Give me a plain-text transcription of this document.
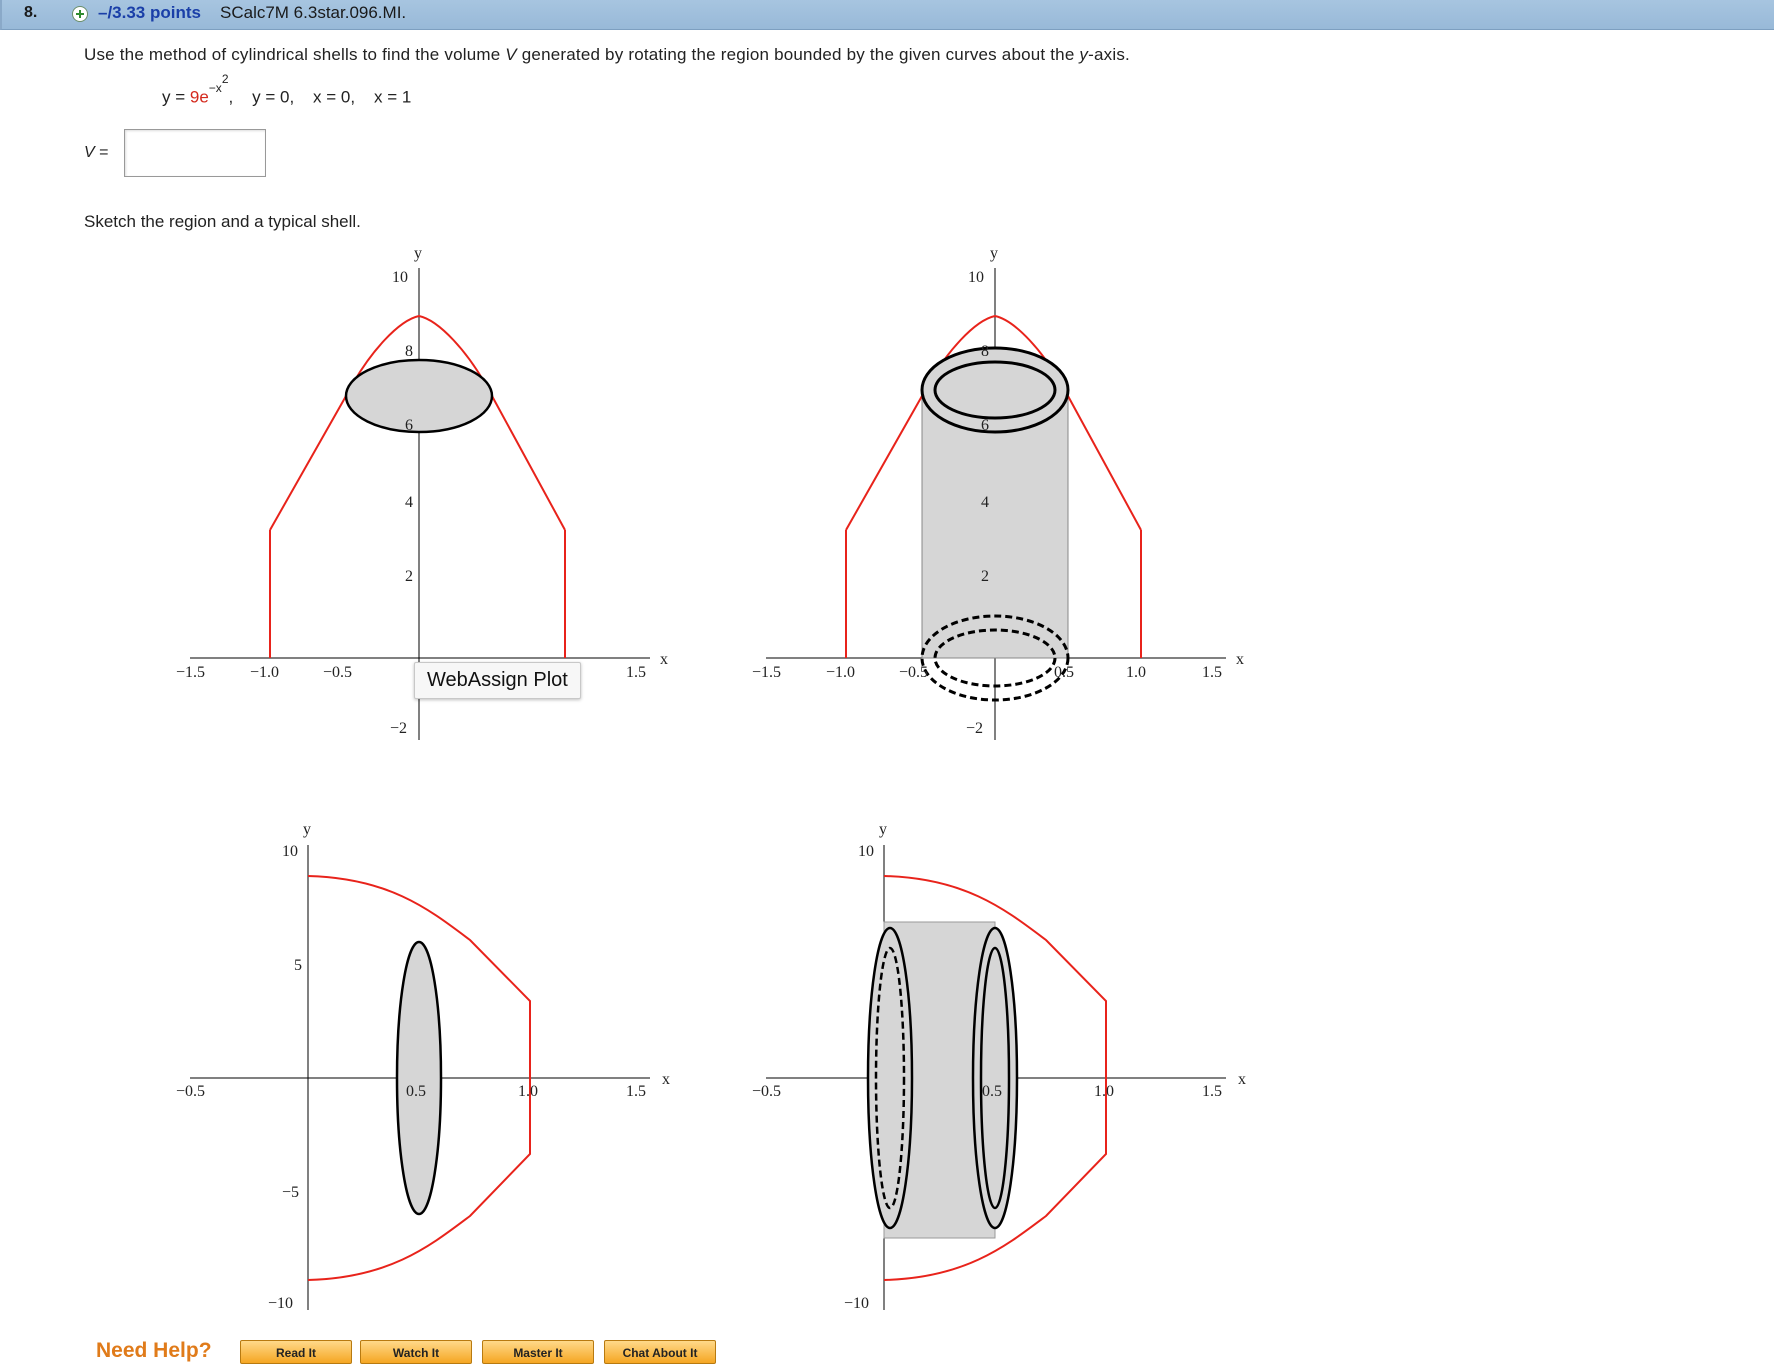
8.	–/3.33 points SCalc7M 6.3star.096.MI.
Use the method of cylindrical shells to find the volume V generated by rotating the region bounded by the given curves about the y-axis.
$y = 9e^{-x^2}$,    y = 0,    x = 0,    x = 1
V =
Sketch the region and a typical shell.
y
x
10
8
6
4
2
−2
−1.5	−1.0	−0.5	1.5
WebAssign Plot
y
x
10
8
6
4
2
−2
−1.5	−1.0	−0.5	0.5	1.0	1.5
y
x
10
5
−5
−10
−0.5	0.5	1.0	1.5
y
x
10
−10
−0.5	0.5	1.0	1.5
Need Help?	Read It	Watch It	Master It	Chat About It
